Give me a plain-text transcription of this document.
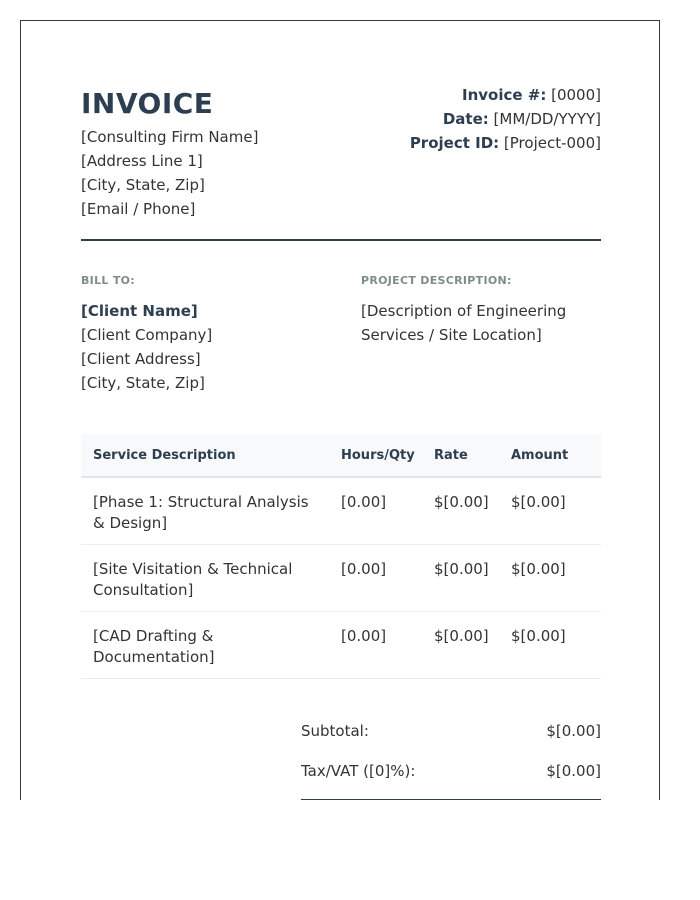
INVOICE
[Consulting Firm Name]
[Address Line 1]
[City, State, Zip]
[Email / Phone]
Invoice #: [0000]
Date: [MM/DD/YYYY]
Project ID: [Project-000]
BILL TO:
[Client Name]
[Client Company]
[Client Address]
[City, State, Zip]
PROJECT DESCRIPTION:
[Description of Engineering Services / Site Location]
Service Description	Hours/Qty	Rate	Amount
[Phase 1: Structural Analysis & Design]	[0.00]	$[0.00]	$[0.00]
[Site Visitation & Technical Consultation]	[0.00]	$[0.00]	$[0.00]
[CAD Drafting & Documentation]	[0.00]	$[0.00]	$[0.00]
Subtotal:	$[0.00]
Tax/VAT ([0]%):	$[0.00]
